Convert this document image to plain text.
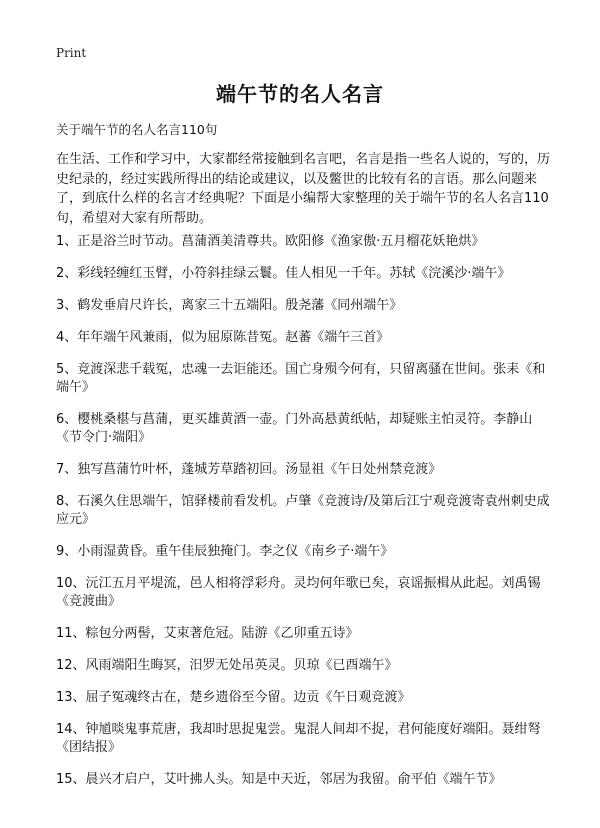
Print
端午节的名人名言
关于端午节的名人名言110句

在生活、工作和学习中，大家都经常接触到名言吧，名言是指一些名人说的，写的，历史纪录的，经过实践所得出的结论或建议，以及鳖世的比较有名的言语。那么问题来了，到底什么样的名言才经典呢？下面是小编帮大家整理的关于端午节的名人名言110句，希望对大家有所帮助。

1、正是浴兰时节动。菖蒲酒美清尊共。欧阳修《渔家傲·五月榴花妖艳烘》
2、彩线轻缠红玉臂，小符斜挂绿云鬟。佳人相见一千年。苏轼《浣溪沙·端午》
3、鹤发垂肩尺许长，离家三十五端阳。殷尧藩《同州端午》
4、年年端午风兼雨，似为屈原陈昔冤。赵蕃《端午三首》
5、竞渡深悲千载冤，忠魂一去讵能还。国亡身殒今何有，只留离骚在世间。张耒《和端午》
6、樱桃桑椹与菖蒲，更买雄黄酒一壶。门外高悬黄纸帖，却疑账主怕灵符。李静山《节令门·端阳》
7、独写菖蒲竹叶杯，蓬城芳草踏初回。汤显祖《午日处州禁竞渡》
8、石溪久住思端午，馆驿楼前看发机。卢肇《竞渡诗/及第后江宁观竞渡寄袁州刺史成应元》
9、小雨湿黄昏。重午佳辰独掩门。李之仪《南乡子·端午》
10、沅江五月平堤流，邑人相将浮彩舟。灵均何年歌已矣，哀谣振楫从此起。刘禹锡《竞渡曲》
11、粽包分两髻，艾束著危冠。陆游《乙卯重五诗》
12、风雨端阳生晦冥，汨罗无处吊英灵。贝琼《已酉端午》
13、屈子冤魂终古在，楚乡遗俗至今留。边贡《午日观竞渡》
14、钟馗啖鬼事荒唐，我却时思捉鬼尝。鬼混人间却不捉，君何能度好端阳。聂绀弩《团结报》
15、晨兴才启户，艾叶拂人头。知是中天近，邻居为我留。俞平伯《端午节》
